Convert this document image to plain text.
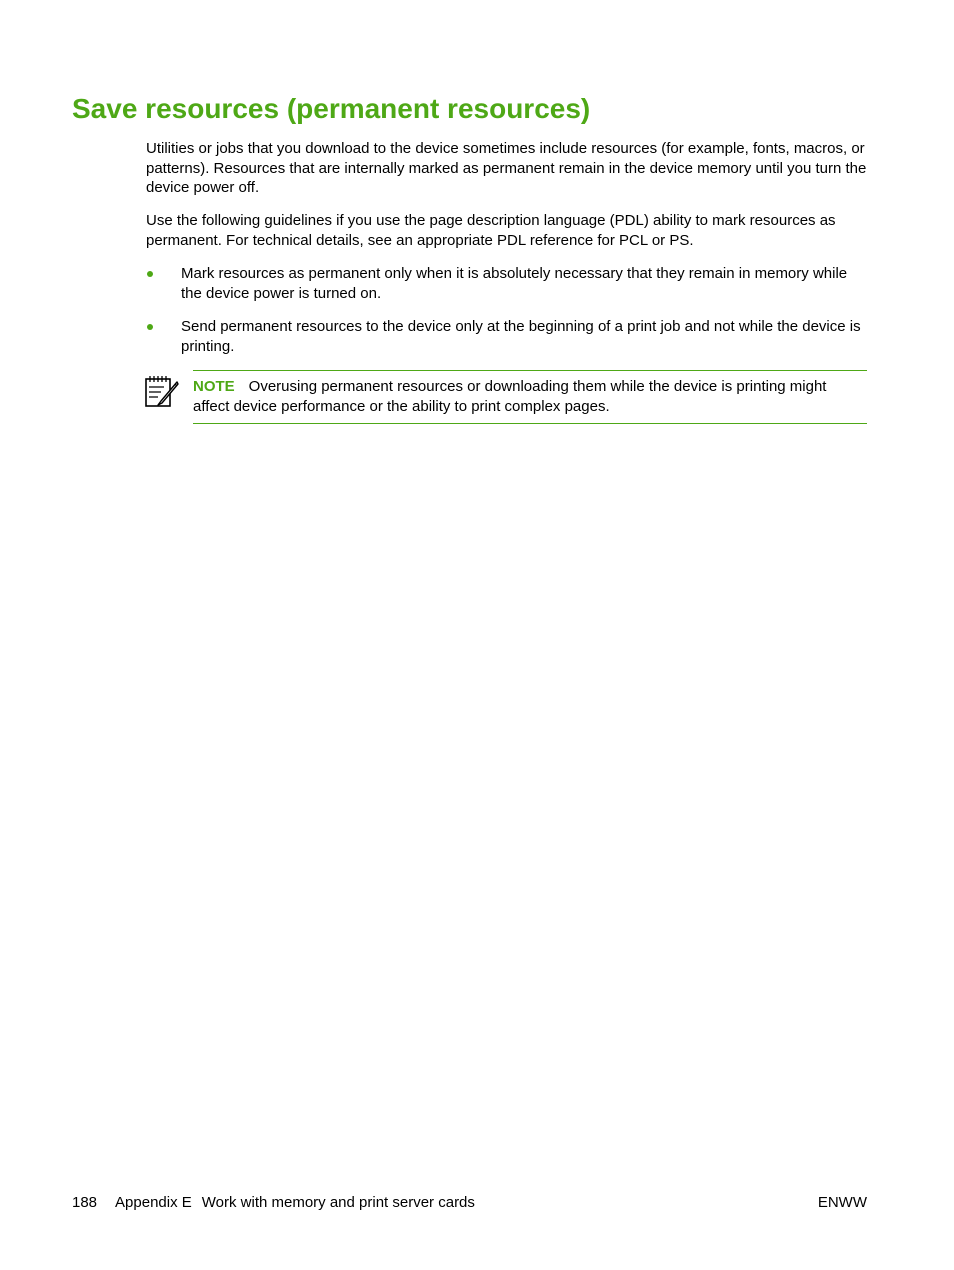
Save resources (permanent resources)

Utilities or jobs that you download to the device sometimes include resources (for example, fonts, macros, or patterns). Resources that are internally marked as permanent remain in the device memory until you turn the device power off.

Use the following guidelines if you use the page description language (PDL) ability to mark resources as permanent. For technical details, see an appropriate PDL reference for PCL or PS.

Mark resources as permanent only when it is absolutely necessary that they remain in memory while the device power is turned on.
Send permanent resources to the device only at the beginning of a print job and not while the device is printing.
NOTE Overusing permanent resources or downloading them while the device is printing might affect device performance or the ability to print complex pages.
188 Appendix E Work with memory and print server cards	ENWW
